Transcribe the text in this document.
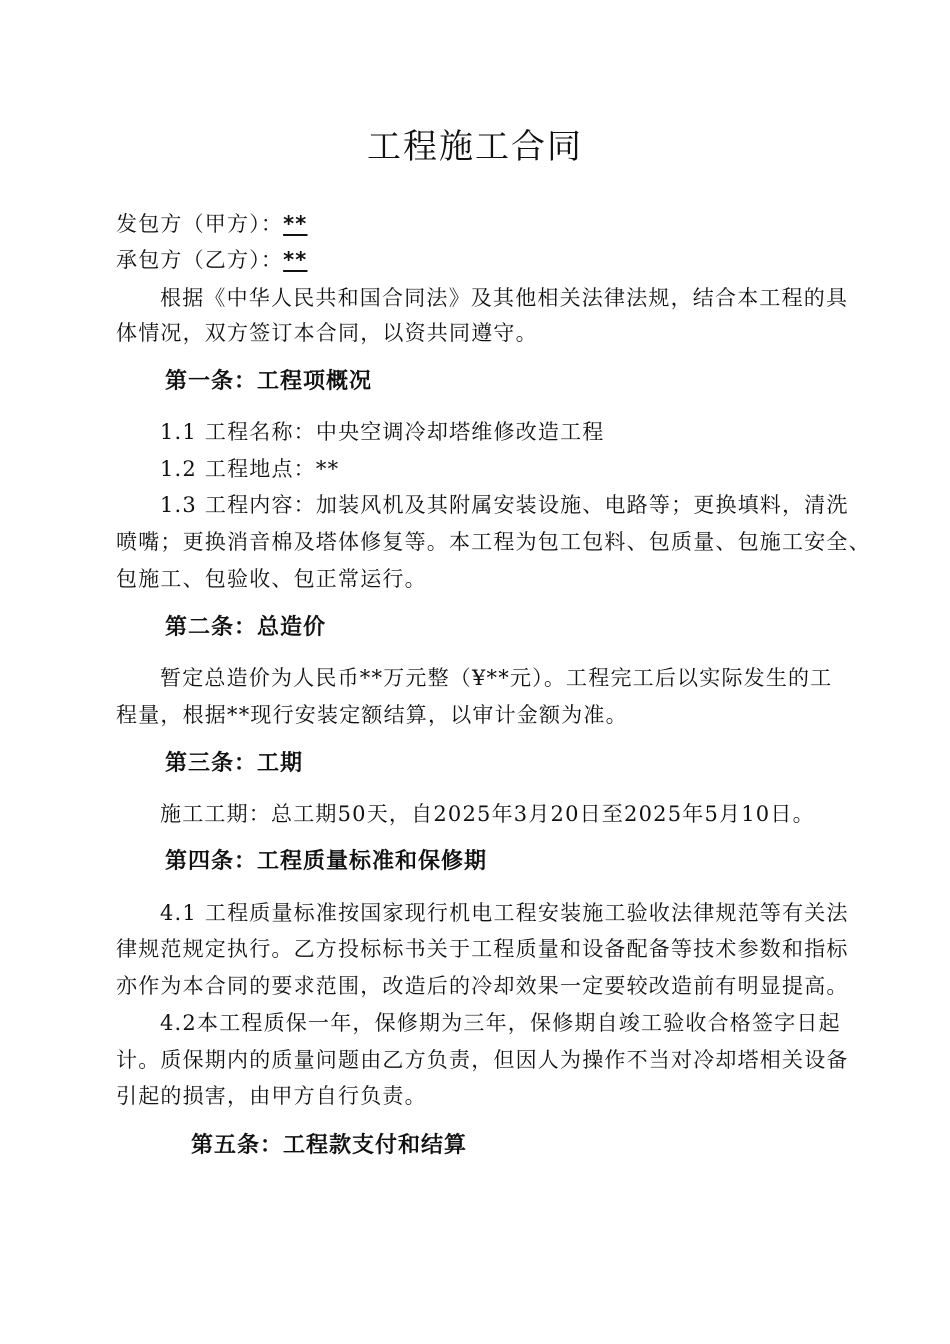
工程施工合同
发包方（甲方）：**
承包方（乙方）：**
根据《中华人民共和国合同法》及其他相关法律法规，结合本工程的具
体情况，双方签订本合同，以资共同遵守。
第一条：工程项概况
1.1 工程名称：中央空调冷却塔维修改造工程
1.2 工程地点：**
1.3 工程内容：加装风机及其附属安装设施、电路等；更换填料，清洗
喷嘴；更换消音棉及塔体修复等。本工程为包工包料、包质量、包施工安全、
包施工、包验收、包正常运行。
第二条：总造价
暂定总造价为人民币**万元整（¥**元）。工程完工后以实际发生的工
程量，根据**现行安装定额结算，以审计金额为准。
第三条：工期
施工工期：总工期50天，自2025年3月20日至2025年5月10日。
第四条：工程质量标准和保修期
4.1 工程质量标准按国家现行机电工程安装施工验收法律规范等有关法
律规范规定执行。乙方投标标书关于工程质量和设备配备等技术参数和指标
亦作为本合同的要求范围，改造后的冷却效果一定要较改造前有明显提高。
4.2本工程质保一年，保修期为三年，保修期自竣工验收合格签字日起
计。质保期内的质量问题由乙方负责，但因人为操作不当对冷却塔相关设备
引起的损害，由甲方自行负责。
第五条：工程款支付和结算
